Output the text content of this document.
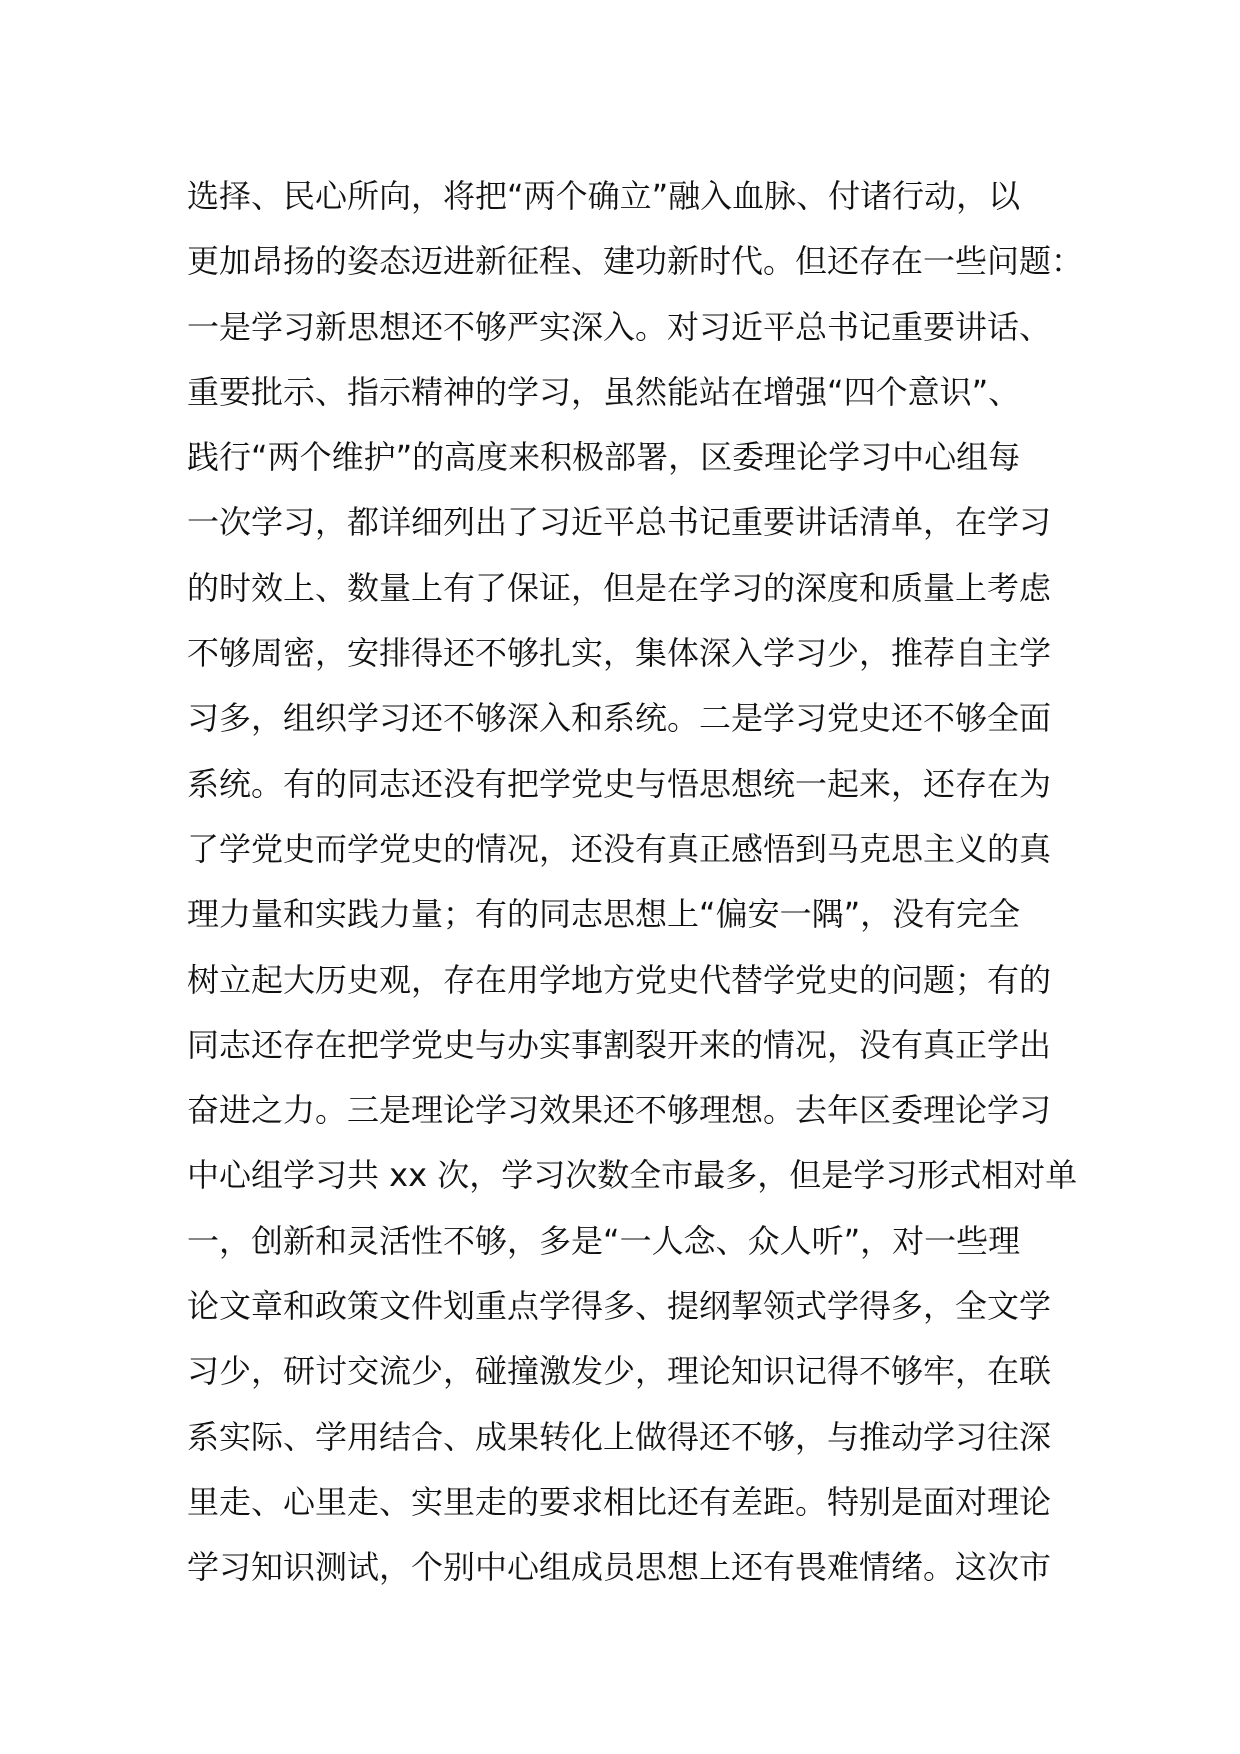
选择、民心所向，将把“两个确立”融入血脉、付诸行动，以
更加昂扬的姿态迈进新征程、建功新时代。但还存在一些问题：
一是学习新思想还不够严实深入。对习近平总书记重要讲话、
重要批示、指示精神的学习，虽然能站在增强“四个意识”、
践行“两个维护”的高度来积极部署，区委理论学习中心组每
一次学习，都详细列出了习近平总书记重要讲话清单，在学习
的时效上、数量上有了保证，但是在学习的深度和质量上考虑
不够周密，安排得还不够扎实，集体深入学习少，推荐自主学
习多，组织学习还不够深入和系统。二是学习党史还不够全面
系统。有的同志还没有把学党史与悟思想统一起来，还存在为
了学党史而学党史的情况，还没有真正感悟到马克思主义的真
理力量和实践力量；有的同志思想上“偏安一隅”，没有完全
树立起大历史观，存在用学地方党史代替学党史的问题；有的
同志还存在把学党史与办实事割裂开来的情况，没有真正学出
奋进之力。三是理论学习效果还不够理想。去年区委理论学习
中心组学习共 xx 次，学习次数全市最多，但是学习形式相对单
一，创新和灵活性不够，多是“一人念、众人听”，对一些理
论文章和政策文件划重点学得多、提纲挈领式学得多，全文学
习少，研讨交流少，碰撞激发少，理论知识记得不够牢，在联
系实际、学用结合、成果转化上做得还不够，与推动学习往深
里走、心里走、实里走的要求相比还有差距。特别是面对理论
学习知识测试，个别中心组成员思想上还有畏难情绪。这次市
